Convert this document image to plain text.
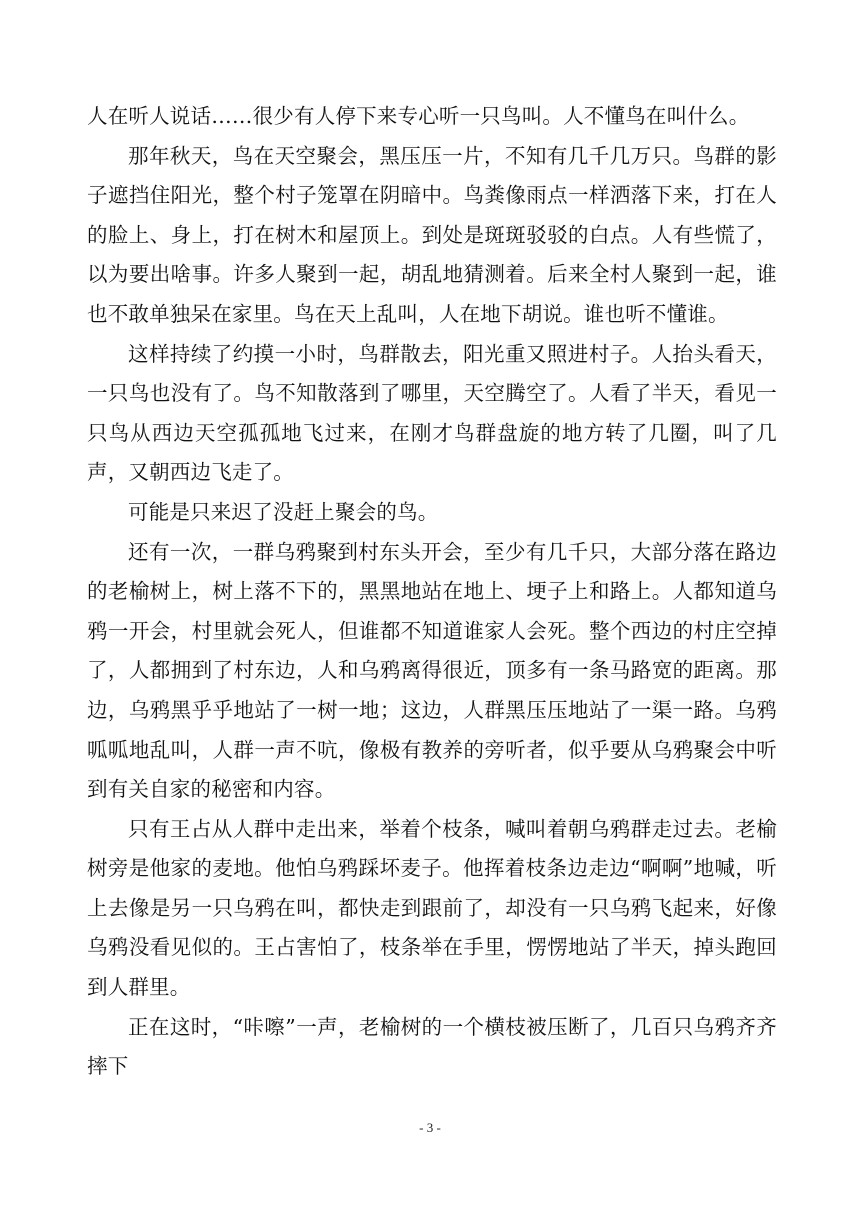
人在听人说话……很少有人停下来专心听一只鸟叫。人不懂鸟在叫什么。

那年秋天，鸟在天空聚会，黑压压一片，不知有几千几万只。鸟群的影子遮挡住阳光，整个村子笼罩在阴暗中。鸟粪像雨点一样洒落下来，打在人的脸上、身上，打在树木和屋顶上。到处是斑斑驳驳的白点。人有些慌了，以为要出啥事。许多人聚到一起，胡乱地猜测着。后来全村人聚到一起，谁也不敢单独呆在家里。鸟在天上乱叫，人在地下胡说。谁也听不懂谁。

这样持续了约摸一小时，鸟群散去，阳光重又照进村子。人抬头看天，一只鸟也没有了。鸟不知散落到了哪里，天空腾空了。人看了半天，看见一只鸟从西边天空孤孤地飞过来，在刚才鸟群盘旋的地方转了几圈，叫了几声，又朝西边飞走了。

可能是只来迟了没赶上聚会的鸟。

还有一次，一群乌鸦聚到村东头开会，至少有几千只，大部分落在路边的老榆树上，树上落不下的，黑黑地站在地上、埂子上和路上。人都知道乌鸦一开会，村里就会死人，但谁都不知道谁家人会死。整个西边的村庄空掉了，人都拥到了村东边，人和乌鸦离得很近，顶多有一条马路宽的距离。那边，乌鸦黑乎乎地站了一树一地；这边，人群黑压压地站了一渠一路。乌鸦呱呱地乱叫，人群一声不吭，像极有教养的旁听者，似乎要从乌鸦聚会中听到有关自家的秘密和内容。

只有王占从人群中走出来，举着个枝条，喊叫着朝乌鸦群走过去。老榆树旁是他家的麦地。他怕乌鸦踩坏麦子。他挥着枝条边走边“啊啊”地喊，听上去像是另一只乌鸦在叫，都快走到跟前了，却没有一只乌鸦飞起来，好像乌鸦没看见似的。王占害怕了，枝条举在手里，愣愣地站了半天，掉头跑回到人群里。

正在这时，“咔嚓”一声，老榆树的一个横枝被压断了，几百只乌鸦齐齐摔下

- 3 -
